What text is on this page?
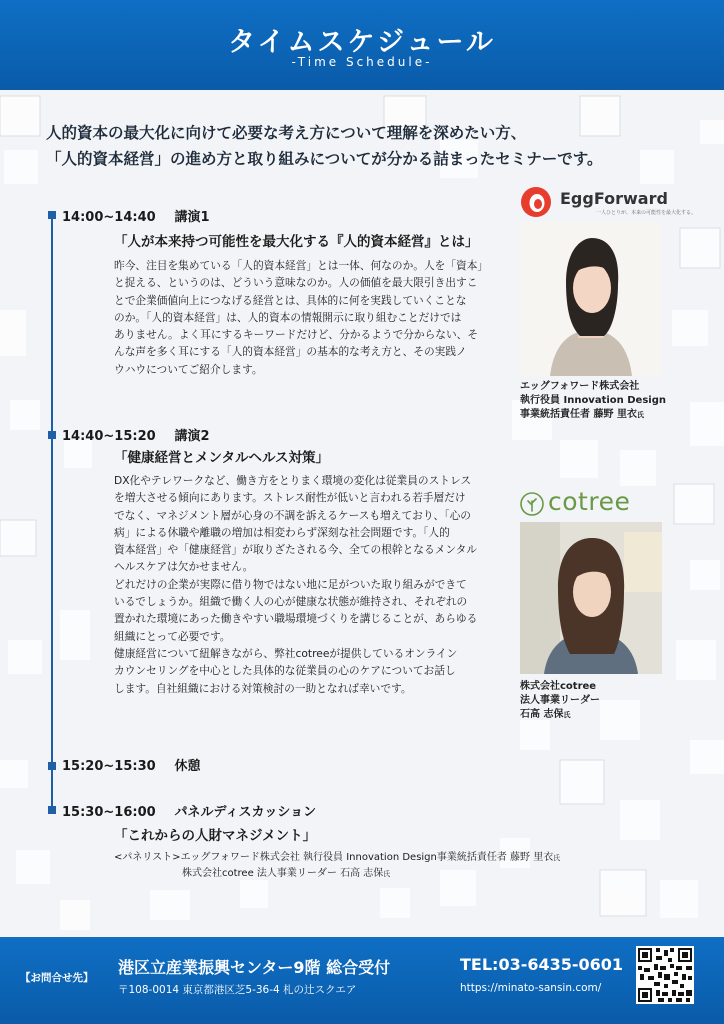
タイムスケジュール
-Time Schedule-
人的資本の最大化に向けて必要な考え方について理解を深めたい方、
「人的資本経営」の進め方と取り組みについてが分かる詰まったセミナーです。
14:00~14:40 講演1
「人が本来持つ可能性を最大化する『人的資本経営』とは」
昨今、注目を集めている「人的資本経営」とは一体、何なのか。人を「資本」
と捉える、というのは、どういう意味なのか。人の価値を最大限引き出すこ
とで企業価値向上につなげる経営とは、具体的に何を実践していくことな
のか。「人的資本経営」は、人的資本の情報開示に取り組むことだけでは
ありません。よく耳にするキーワードだけど、分かるようで分からない、そ
んな声を多く耳にする「人的資本経営」の基本的な考え方と、その実践ノ
ウハウについてご紹介します。
14:40~15:20 講演2
「健康経営とメンタルヘルス対策」
DX化やテレワークなど、働き方をとりまく環境の変化は従業員のストレス
を増大させる傾向にあります。ストレス耐性が低いと言われる若手層だけ
でなく、マネジメント層が心身の不調を訴えるケースも増えており、「心の
病」による休職や離職の増加は相変わらず深刻な社会問題です。「人的
資本経営」や「健康経営」が取りざたされる今、全ての根幹となるメンタル
ヘルスケアは欠かせません。
どれだけの企業が実際に借り物ではない地に足がついた取り組みができて
いるでしょうか。組織で働く人の心が健康な状態が維持され、それぞれの
置かれた環境にあった働きやすい職場環境づくりを講じることが、あらゆる
組織にとって必要です。
健康経営について紐解きながら、弊社cotreeが提供しているオンライン
カウンセリングを中心とした具体的な従業員の心のケアについてお話し
します。自社組織における対策検討の一助となれば幸いです。
15:20~15:30 休憩
15:30~16:00 パネルディスカッション
「これからの人財マネジメント」
<パネリスト>エッグフォワード株式会社 執行役員 Innovation Design事業統括責任者 藤野 里衣氏
株式会社cotree 法人事業リーダー 石高 志保氏
EggForward
一人ひとりが、本来の可能性を最大化する。
エッグフォワード株式会社
執行役員 Innovation Design
事業統括責任者 藤野 里衣氏
cotree
株式会社cotree
法人事業リーダー
石高 志保氏
【お問合せ先】
港区立産業振興センター9階 総合受付
〒108-0014 東京都港区芝5-36-4 札の辻スクエア
TEL:03-6435-0601
https://minato-sansin.com/
